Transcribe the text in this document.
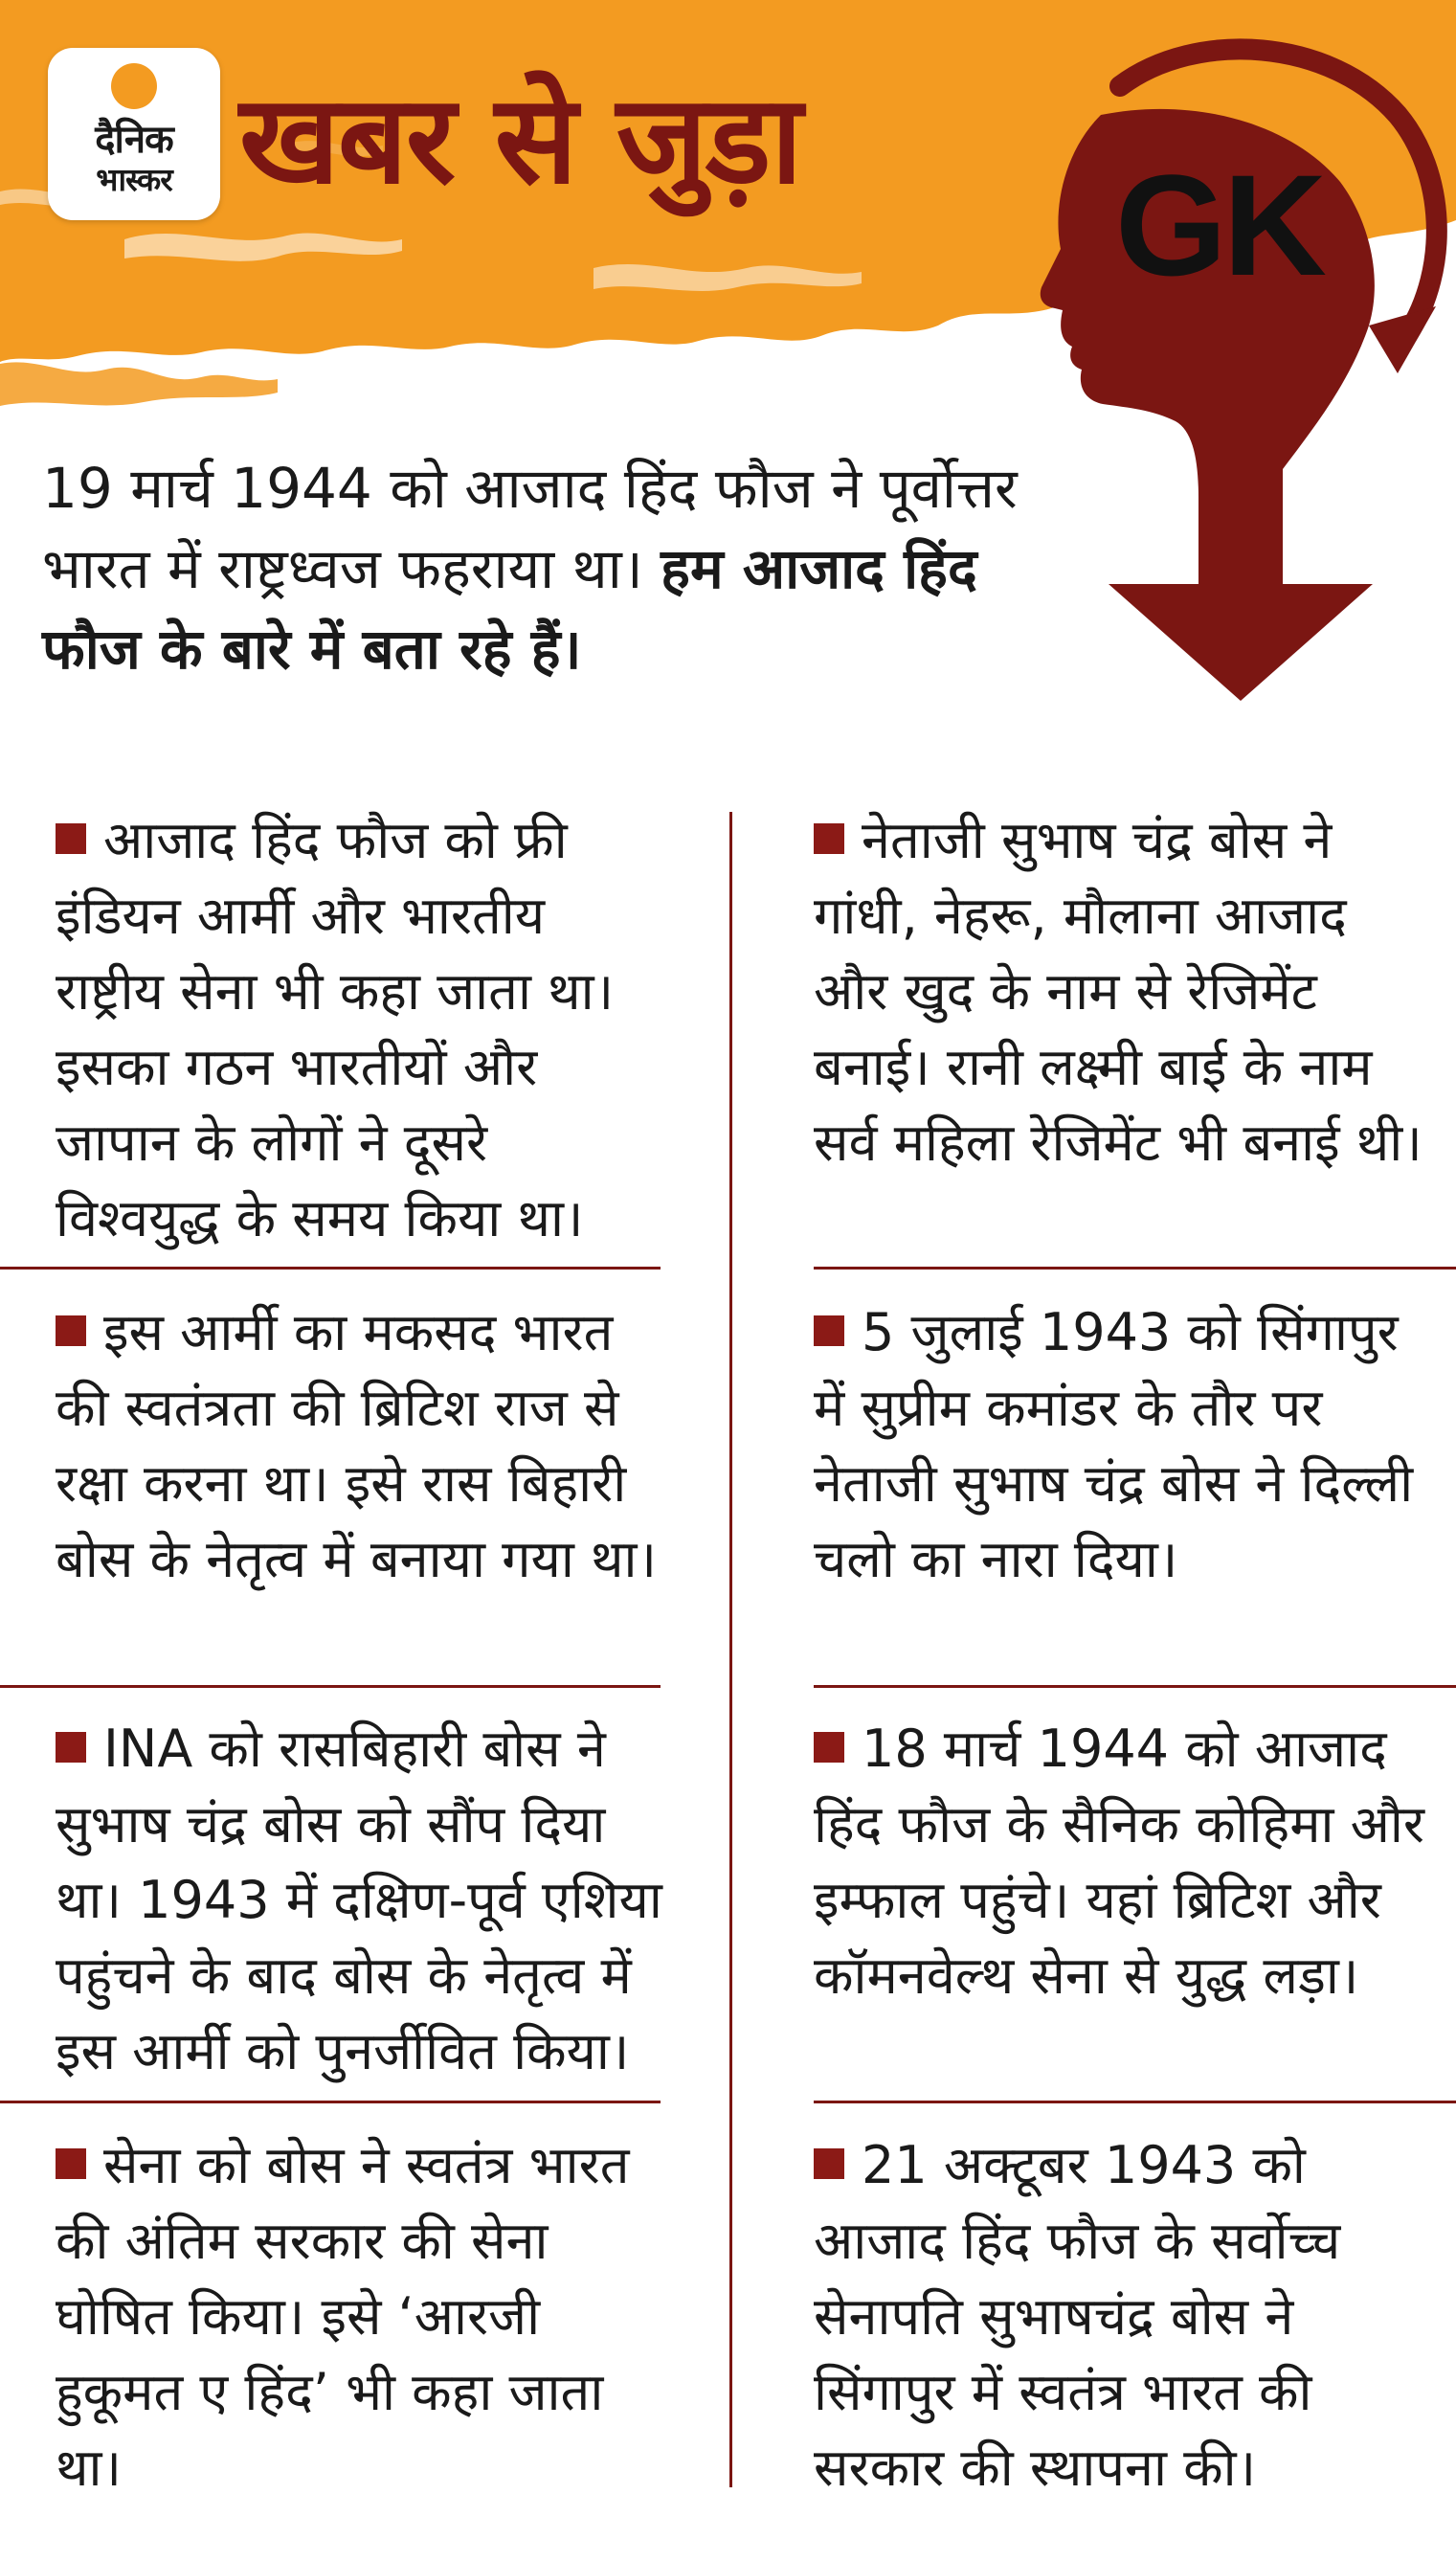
दैनिक
भास्कर खबर से जुड़ा
GK

19 मार्च 1944 को आजाद हिंद फौज ने पूर्वोत्तर भारत में राष्ट्रध्वज फहराया था। हम आजाद हिंद फौज के बारे में बता रहे हैं।

आजाद हिंद फौज को फ्री इंडियन आर्मी और भारतीय राष्ट्रीय सेना भी कहा जाता था। इसका गठन भारतीयों और जापान के लोगों ने दूसरे विश्वयुद्ध के समय किया था।

इस आर्मी का मकसद भारत की स्वतंत्रता की ब्रिटिश राज से रक्षा करना था। इसे रास बिहारी बोस के नेतृत्व में बनाया गया था।

INA को रासबिहारी बोस ने सुभाष चंद्र बोस को सौंप दिया था। 1943 में दक्षिण-पूर्व एशिया पहुंचने के बाद बोस के नेतृत्व में इस आर्मी को पुनर्जीवित किया।

सेना को बोस ने स्वतंत्र भारत की अंतिम सरकार की सेना घोषित किया। इसे ‘आरजी हुकूमत ए हिंद’ भी कहा जाता था।

नेताजी सुभाष चंद्र बोस ने गांधी, नेहरू, मौलाना आजाद और खुद के नाम से रेजिमेंट बनाई। रानी लक्ष्मी बाई के नाम सर्व महिला रेजिमेंट भी बनाई थी।

5 जुलाई 1943 को सिंगापुर में सुप्रीम कमांडर के तौर पर नेताजी सुभाष चंद्र बोस ने दिल्ली चलो का नारा दिया।

18 मार्च 1944 को आजाद हिंद फौज के सैनिक कोहिमा और इम्फाल पहुंचे। यहां ब्रिटिश और कॉमनवेल्थ सेना से युद्ध लड़ा।

21 अक्टूबर 1943 को आजाद हिंद फौज के सर्वोच्च सेनापति सुभाषचंद्र बोस ने सिंगापुर में स्वतंत्र भारत की सरकार की स्थापना की।
